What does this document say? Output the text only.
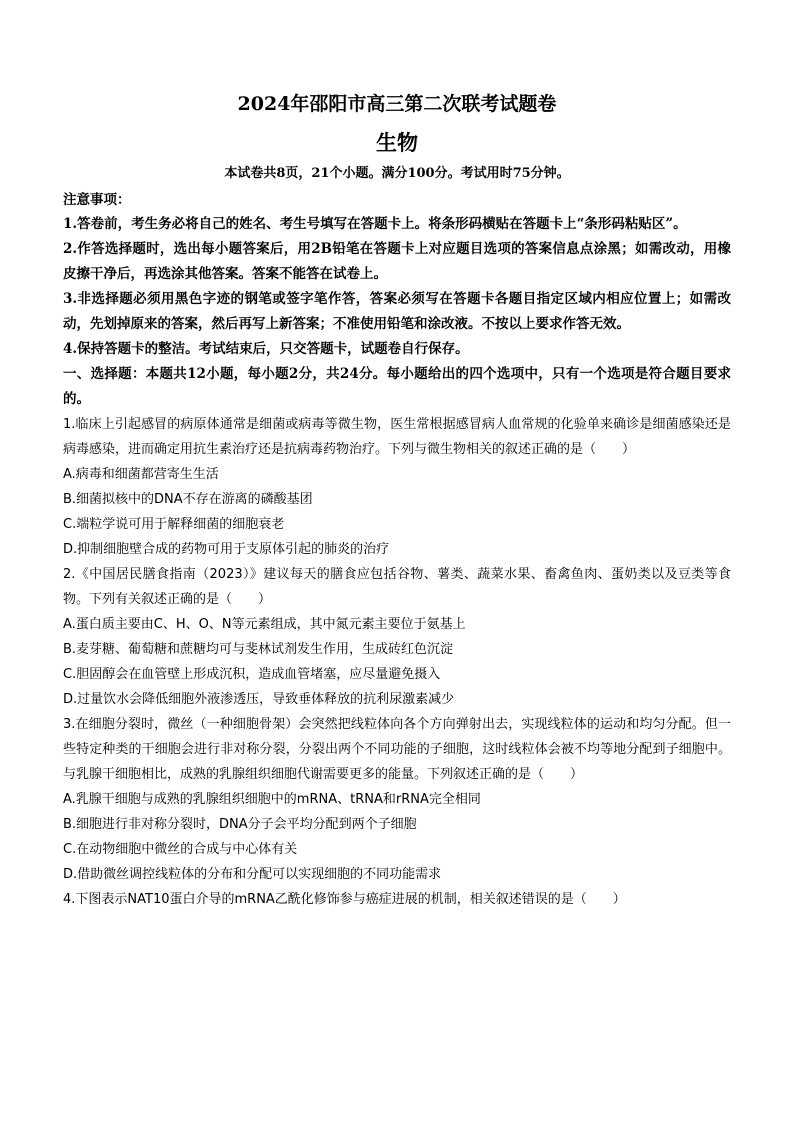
2024年邵阳市高三第二次联考试题卷
生物
本试卷共8页，21个小题。满分100分。考试用时75分钟。
注意事项：
1.答卷前，考生务必将自己的姓名、考生号填写在答题卡上。将条形码横贴在答题卡上“条形码粘贴区”。
2.作答选择题时，选出每小题答案后，用2B铅笔在答题卡上对应题目选项的答案信息点涂黑；如需改动，用橡皮擦干净后，再选涂其他答案。答案不能答在试卷上。
3.非选择题必须用黑色字迹的钢笔或签字笔作答，答案必须写在答题卡各题目指定区域内相应位置上；如需改动，先划掉原来的答案，然后再写上新答案；不准使用铅笔和涂改液。不按以上要求作答无效。
4.保持答题卡的整洁。考试结束后，只交答题卡，试题卷自行保存。
一、选择题：本题共12小题，每小题2分，共24分。每小题给出的四个选项中，只有一个选项是符合题目要求的。
1.临床上引起感冒的病原体通常是细菌或病毒等微生物，医生常根据感冒病人血常规的化验单来确诊是细菌感染还是病毒感染，进而确定用抗生素治疗还是抗病毒药物治疗。下列与微生物相关的叙述正确的是（　　）
A.病毒和细菌都营寄生生活
B.细菌拟核中的DNA不存在游离的磷酸基团
C.端粒学说可用于解释细菌的细胞衰老
D.抑制细胞壁合成的药物可用于支原体引起的肺炎的治疗
2.《中国居民膳食指南（2023）》建议每天的膳食应包括谷物、薯类、蔬菜水果、畜禽鱼肉、蛋奶类以及豆类等食物。下列有关叙述正确的是（　　）
A.蛋白质主要由C、H、O、N等元素组成，其中氮元素主要位于氨基上
B.麦芽糖、葡萄糖和蔗糖均可与斐林试剂发生作用，生成砖红色沉淀
C.胆固醇会在血管壁上形成沉积，造成血管堵塞，应尽量避免摄入
D.过量饮水会降低细胞外液渗透压，导致垂体释放的抗利尿激素减少
3.在细胞分裂时，微丝（一种细胞骨架）会突然把线粒体向各个方向弹射出去，实现线粒体的运动和均匀分配。但一些特定种类的干细胞会进行非对称分裂，分裂出两个不同功能的子细胞，这时线粒体会被不均等地分配到子细胞中。与乳腺干细胞相比，成熟的乳腺组织细胞代谢需要更多的能量。下列叙述正确的是（　　）
A.乳腺干细胞与成熟的乳腺组织细胞中的mRNA、tRNA和rRNA完全相同
B.细胞进行非对称分裂时，DNA分子会平均分配到两个子细胞
C.在动物细胞中微丝的合成与中心体有关
D.借助微丝调控线粒体的分布和分配可以实现细胞的不同功能需求
4.下图表示NAT10蛋白介导的mRNA乙酰化修饰参与癌症进展的机制，相关叙述错误的是（　　）
